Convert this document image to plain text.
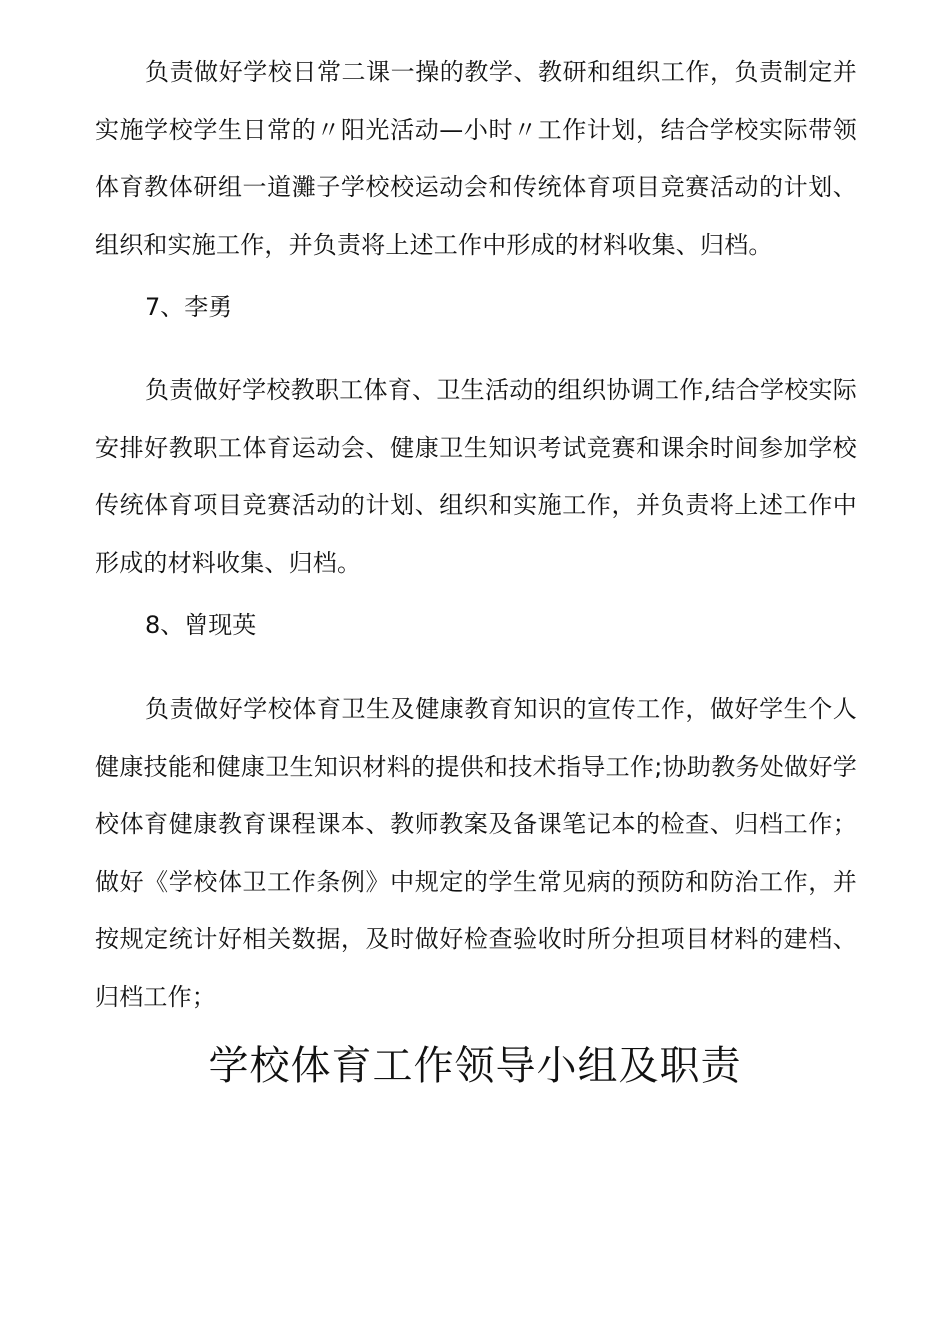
负责做好学校日常二课一操的教学、教研和组织工作，负责制定并实施学校学生日常的〃阳光活动—小时〃工作计划，结合学校实际带领体育教体研组一道灘子学校校运动会和传统体育项目竞赛活动的计划、组织和实施工作，并负责将上述工作中形成的材料收集、归档。

7、李勇

负责做好学校教职工体育、卫生活动的组织协调工作,结合学校实际安排好教职工体育运动会、健康卫生知识考试竞赛和课余时间参加学校传统体育项目竞赛活动的计划、组织和实施工作，并负责将上述工作中形成的材料收集、归档。

8、曾现英

负责做好学校体育卫生及健康教育知识的宣传工作，做好学生个人健康技能和健康卫生知识材料的提供和技术指导工作;协助教务处做好学校体育健康教育课程课本、教师教案及备课笔记本的检查、归档工作；做好《学校体卫工作条例》中规定的学生常见病的预防和防治工作，并按规定统计好相关数据，及时做好检查验收时所分担项目材料的建档、归档工作；

学校体育工作领导小组及职责
